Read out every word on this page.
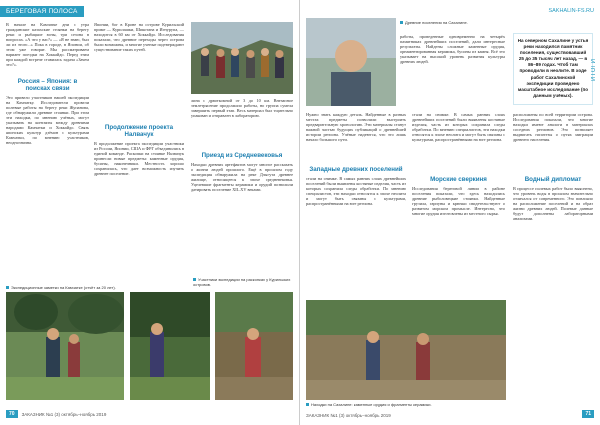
БЕРЕГОВАЯ ПОЛОСА
В начале на Камчатке дни с утра гражданские казахские стоянки на берегу реки и рыбацкие зоны, три сезона в вопросах. «А что у вас?» — «Я не знаю, был ли из этого...» Пока в городе, в Японии, об этом уже говорят. Мы рассматриваем вариант поездки на Хоккайдо. Перед этим при каждой встрече ставилась задача «Зачем это?».
Россия – Япония: в поисках связи
Это привело участников нашей экспедиции на Камчатку. Исследователи провели полевые работы на берегу реки Жупанова, где обнаружили древние стоянки. При этом эти находки, по мнению учёных, могут указывать на контакты между древними народами Камчатки и Хоккайдо. Связь японских культур дзёмон с культурами Камчатки, по мнению участников, неоднозначна.
Японии, бог в Кроне на острове Курильский приме — Курилашки, Шикотана и Игнурупа, — находится в 60 км от Хоккайдо. Исследования показали, что древние переходы через острова были возможны, и многие ученые подтверждают существование таких путей.
Продолжение проекта Налвачук
В продолжение проекта экспедиции участники из России, Японии, США и ФРГ объединились в единой команде. Раскопки на стоянке Налвачук принесли новые предметы: каменные орудия, бусины, наконечники. Местность хорошо сохранилась, что дает возможность изучить древнее поселение.
лина с дрвоткомной от 3 до 10 км. Внезапное землетрясение продолжило работы, но группа сумела завершить первый этап. Весь материал был тщательно упакован и отправлен в лабораторию.
Приезд из Средневековья
Находки древних артефактов могут многое рассказать о жизни людей прошлого. Ещё в прошлом году экспедиция обнаружила на реке Дзыгута древнее жилище, относящееся к эпохе средневековья. Уцелевшие фрагменты керамики и орудий позволили датировать поселение XII–XV веками.
Экспедиционные заметки на Камчатке (отчёт за 20 лет).
Участники экспедиции на раскопках у Курильских островов.
70	ЗАКАЗНИК №1 (3) октябрь–ноябрь 2019
SAKHALIN-FS.RU
Древние поселения на Сахалине.
работы, проведенные одновременно на четырёх памятниках древнейших поселений, дали интересные результаты. Найдены сложные каменные орудия, орнаментированная керамика, бусины из камня. Всё это указывает на высокий уровень развития культуры древних людей.
Нужно знать каждую деталь. Найденные в разных местах предметы позволили выстроить предварительную хронологию. Эти материалы станут важной частью будущих публикаций о древнейшей истории региона. Учёные надеются, что это лишь начало большого пути.
Западные древних поселений
стали на снимке. В самых ранних слоях древнейших поселений были выявлены костяные изделия, часть из которых сохранила следы обработки. По мнению специалистов, эти находки относятся к эпохе неолита и могут быть связаны с культурами, распространёнными на юге региона.
стали на снимке. В самых ранних слоях древнейших поселений были выявлены костяные изделия, часть из которых сохранила следы обработки. По мнению специалистов, эти находки относятся к эпохе неолита и могут быть связаны с культурами, распространёнными на юге региона.
Морские сверкиня
Исследования береговой линии в районе поселения показали, что здесь находились древние рыболовецкие стоянки. Найденные грузила, гарпуны и крючки свидетельствуют о развитом морском промысле. Интересно, что многие орудия изготовлены из местного сырья.
На северном Сахалине у устья реки находился памятник поселения, существовавший 25 до 35 тысяч лет назад, — в 86–89 годах. Чтоб там проводили в неолите. В ходе работ Сахалинской экспедиции проведено масштабное исследование (по данным учёных).
ИТОГИ
расположены по всей территории острова. Исследования показали, что многие находки имеют аналоги в материалах соседних регионов. Это позволяет выдвигать гипотезы о путях миграции древнего населения.
Водный дипломат
В процессе полевых работ было выяснено, что уровень воды в прошлом значительно отличался от современного. Это повлияло на расположение поселений и на образ жизни древних людей. Полевые данные будут дополнены лабораторными анализами.
Находки на Сахалине: каменные орудия и фрагменты керамики.
ЗАКАЗНИК №1 (3) октябрь–ноябрь 2019	71
